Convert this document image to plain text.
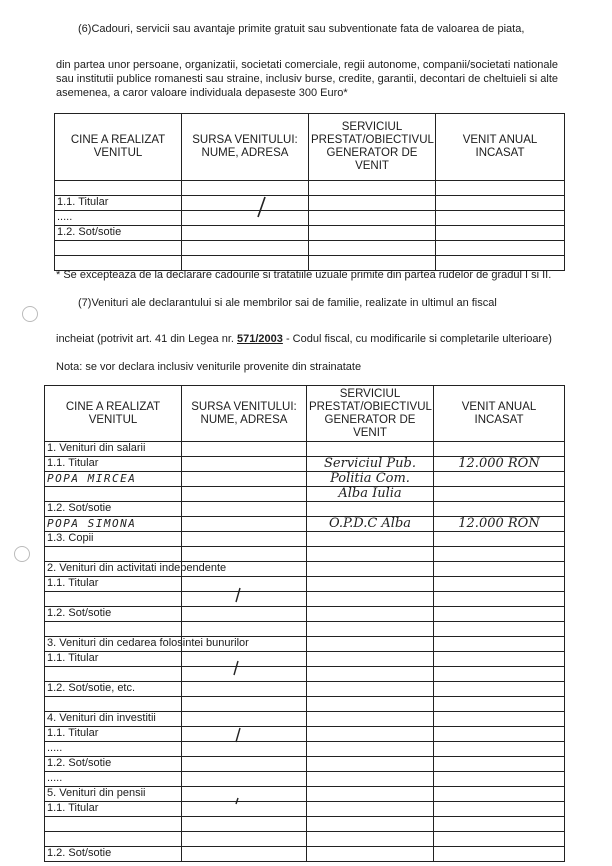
(6)Cadouri, servicii sau avantaje primite gratuit sau subventionate fata de valoarea de piata,
din partea unor persoane, organizatii, societati comerciale, regii autonome, companii/societati nationale sau institutii publice romanesti sau straine, inclusiv burse, credite, garantii, decontari de cheltuieli si alte asemenea, a caror valoare individuala depaseste 300 Euro*
CINE A REALIZAT VENITUL	SURSA VENITULUI: NUME, ADRESA	SERVICIUL PRESTAT/OBIECTIVUL GENERATOR DE VENIT	VENIT ANUAL INCASAT

1.1. Titular			
.....			
1.2. Sot/sotie			

* Se excepteaza de la declarare cadourile si tratatiile uzuale primite din partea rudelor de gradul I si II.
(7)Venituri ale declarantului si ale membrilor sai de familie, realizate in ultimul an fiscal
incheiat (potrivit art. 41 din Legea nr. 571/2003 - Codul fiscal, cu modificarile si completarile ulterioare)
Nota: se vor declara inclusiv veniturile provenite din strainatate
CINE A REALIZAT VENITUL	SURSA VENITULUI: NUME, ADRESA	SERVICIUL PRESTAT/OBIECTIVUL GENERATOR DE VENIT	VENIT ANUAL INCASAT
1. Venituri din salarii			
1.1. Titular		Serviciul Pub.	12.000 RON
POPA MIRCEA		Politia Com.	
		Alba Iulia	
1.2. Sot/sotie			
POPA SIMONA		O.P.D.C Alba	12.000 RON
1.3. Copii			

2. Venituri din activitati independente			
1.1. Titular			

1.2. Sot/sotie			

3. Venituri din cedarea folosintei bunurilor			
1.1. Titular			

1.2. Sot/sotie, etc.			

4. Venituri din investitii			
1.1. Titular			
.....			
1.2. Sot/sotie			
.....			
5. Venituri din pensii			
1.1. Titular			

1.2. Sot/sotie			
